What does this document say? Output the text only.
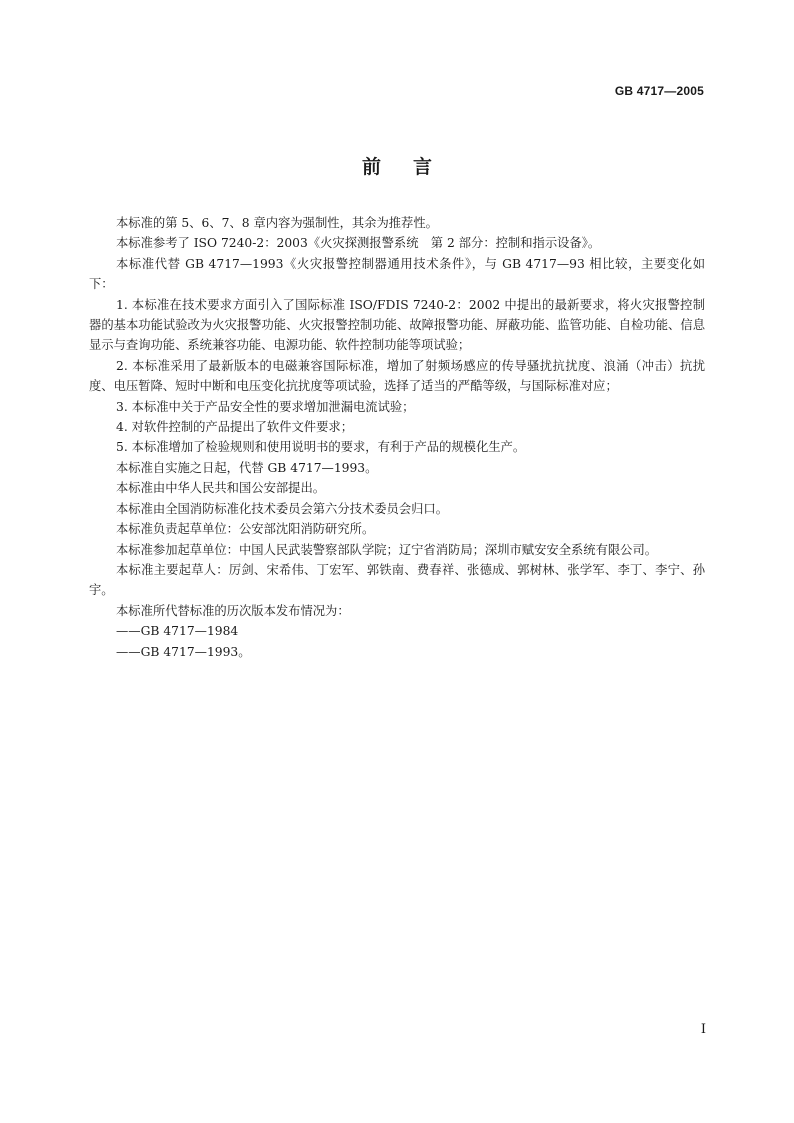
GB 4717—2005
前言

本标准的第 5、6、7、8 章内容为强制性，其余为推荐性。

本标准参考了 ISO 7240-2：2003《火灾探测报警系统　第 2 部分：控制和指示设备》。

本标准代替 GB 4717—1993《火灾报警控制器通用技术条件》，与 GB 4717—93 相比较，主要变化如下：

1. 本标准在技术要求方面引入了国际标准 ISO/FDIS 7240-2：2002 中提出的最新要求，将火灾报警控制器的基本功能试验改为火灾报警功能、火灾报警控制功能、故障报警功能、屏蔽功能、监管功能、自检功能、信息显示与查询功能、系统兼容功能、电源功能、软件控制功能等项试验；

2. 本标准采用了最新版本的电磁兼容国际标准，增加了射频场感应的传导骚扰抗扰度、浪涌（冲击）抗扰度、电压暂降、短时中断和电压变化抗扰度等项试验，选择了适当的严酷等级，与国际标准对应；

3. 本标准中关于产品安全性的要求增加泄漏电流试验；

4. 对软件控制的产品提出了软件文件要求；

5. 本标准增加了检验规则和使用说明书的要求，有利于产品的规模化生产。

本标准自实施之日起，代替 GB 4717—1993。

本标准由中华人民共和国公安部提出。

本标准由全国消防标准化技术委员会第六分技术委员会归口。

本标准负责起草单位：公安部沈阳消防研究所。

本标准参加起草单位：中国人民武装警察部队学院；辽宁省消防局；深圳市赋安安全系统有限公司。

本标准主要起草人：厉剑、宋希伟、丁宏军、郭铁南、费春祥、张德成、郭树林、张学军、李丁、李宁、孙宇。

本标准所代替标准的历次版本发布情况为：

——GB 4717—1984

——GB 4717—1993。

I
